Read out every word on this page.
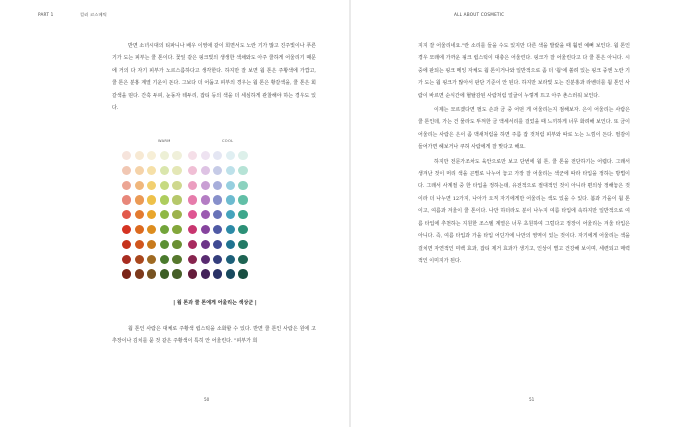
PART 1	컬러 코스메틱	ALL ABOUT COSMETIC

반면 소녀시대의 티파니나 배우 이영애 같이 희면서도 노란 기가 많고 진주빛이나 푸른 기가 도는 피부는 쿨 톤이다. 꽃잎 같은 핑크빛의 생생한 색채와도 아주 쿨하게 어울리기 때문에 거의 다 자기 피부가 노르스름하다고 생각한다. 하지만 잘 보면 웜 톤은 주황색에 가깝고, 쿨 톤은 분홍 계열 기운이 돈다. 그보다 더 어둡고 피부의 경우는 웜 톤은 황갈색을, 쿨 톤은 회갈색을 띤다. 간혹 두피, 눈동자 테두리, 잡티 등의 색을 더 세심하게 관찰해야 하는 경우도 있다.

WARM	COOL

| 웜 톤과 쿨 톤에게 어울리는 색상군 |

웜 톤인 사람은 대체로 주황색 립스틱을 소화할 수 있다. 반면 쿨 톤인 사람은 원에 고추장이나 김치를 묻 것 같은 주황색이 특히 안 어울린다. "피부가 희

지지 잘 어울리네요."란 소리를 들을 수도 있지만 다른 색을 발랐을 때 훨씬 예뻐 보인다. 웜 톤인 경우 모래에 가까운 핑크 립스틱이 대충은 어울린다. 핑크가 잘 어울린다고 다 쿨 톤은 아니다. 시중에 판되는 핑크 메잉 자체도 웜 톤이거나와 일반적으로 좀 더 '웜'에 쏠려 있는 핑크 중엔 노란 기가 도는 웜 핑크가 많아서 판단 기준이 안 된다. 하지만 보라빛 도는 진분홍과 라벤더를 웜 톤인 사람이 바르면 순식간에 혈탈감된 사람처럼 얼굴이 누렇게 뜨고 아주 촌스러워 보인다.

이제는 모르겠다면 펄도 손과 금 중 어떤 게 어울리는지 점해보자. 은이 어울리는 사람은 쿨 톤인데, 가는 건 물라도 뚜껴한 금 액세서리를 걸었을 때 느끼하게 너무 화려해 보인다. 또 금이 어울리는 사람은 은이 좀 맥새처럼을 하면 주름 잡 것처럼 피부와 따로 노는 느낌이 든다. 펄감이 들어가면 헤보거나 쿠허 사람에게 잘 맞다고 해요.

하지만 전문가조차도 육안으로만 보고 단번에 웜 톤, 쿨 톤을 전단하기는 어렵다. 그래서 생겨난 것이 머리 색을 곤별로 나누어 놓고 가장 잘 어울리는 색군에 따라 타입을 정하는 방법이다. 그래서 사계절 중 한 타입을 정하는데, 유전적으로 절대적인 것이 아니라 편의상 정해놓은 것이라 더 나누면 12가지, 나아가 오직 자기에게만 어울리는 색도 있을 수 있다. 봄과 가을이 웜 톤이고, 여름과 겨울이 쿨 톤이다. 나만 하더라도 분이 나누지 여름 타입에 속하지만 일반적으로 여름 타입에 추천하는 지원한 조스텔 계열은 너무 초원하여 그럴다고 정장이 어울리는 겨울 타입은 아니다. 즉, 여름 타입과 가을 타입 어딘가에 나만의 영역이 있는 것이다. 자기에게 어울리는 색을 걸치면 자연적인 미백 효과, 잡티 제거 효과가 생기고, 인상이 별고 건강해 보이며, 세련되고 매력적인 이미지가 된다.

50	51
